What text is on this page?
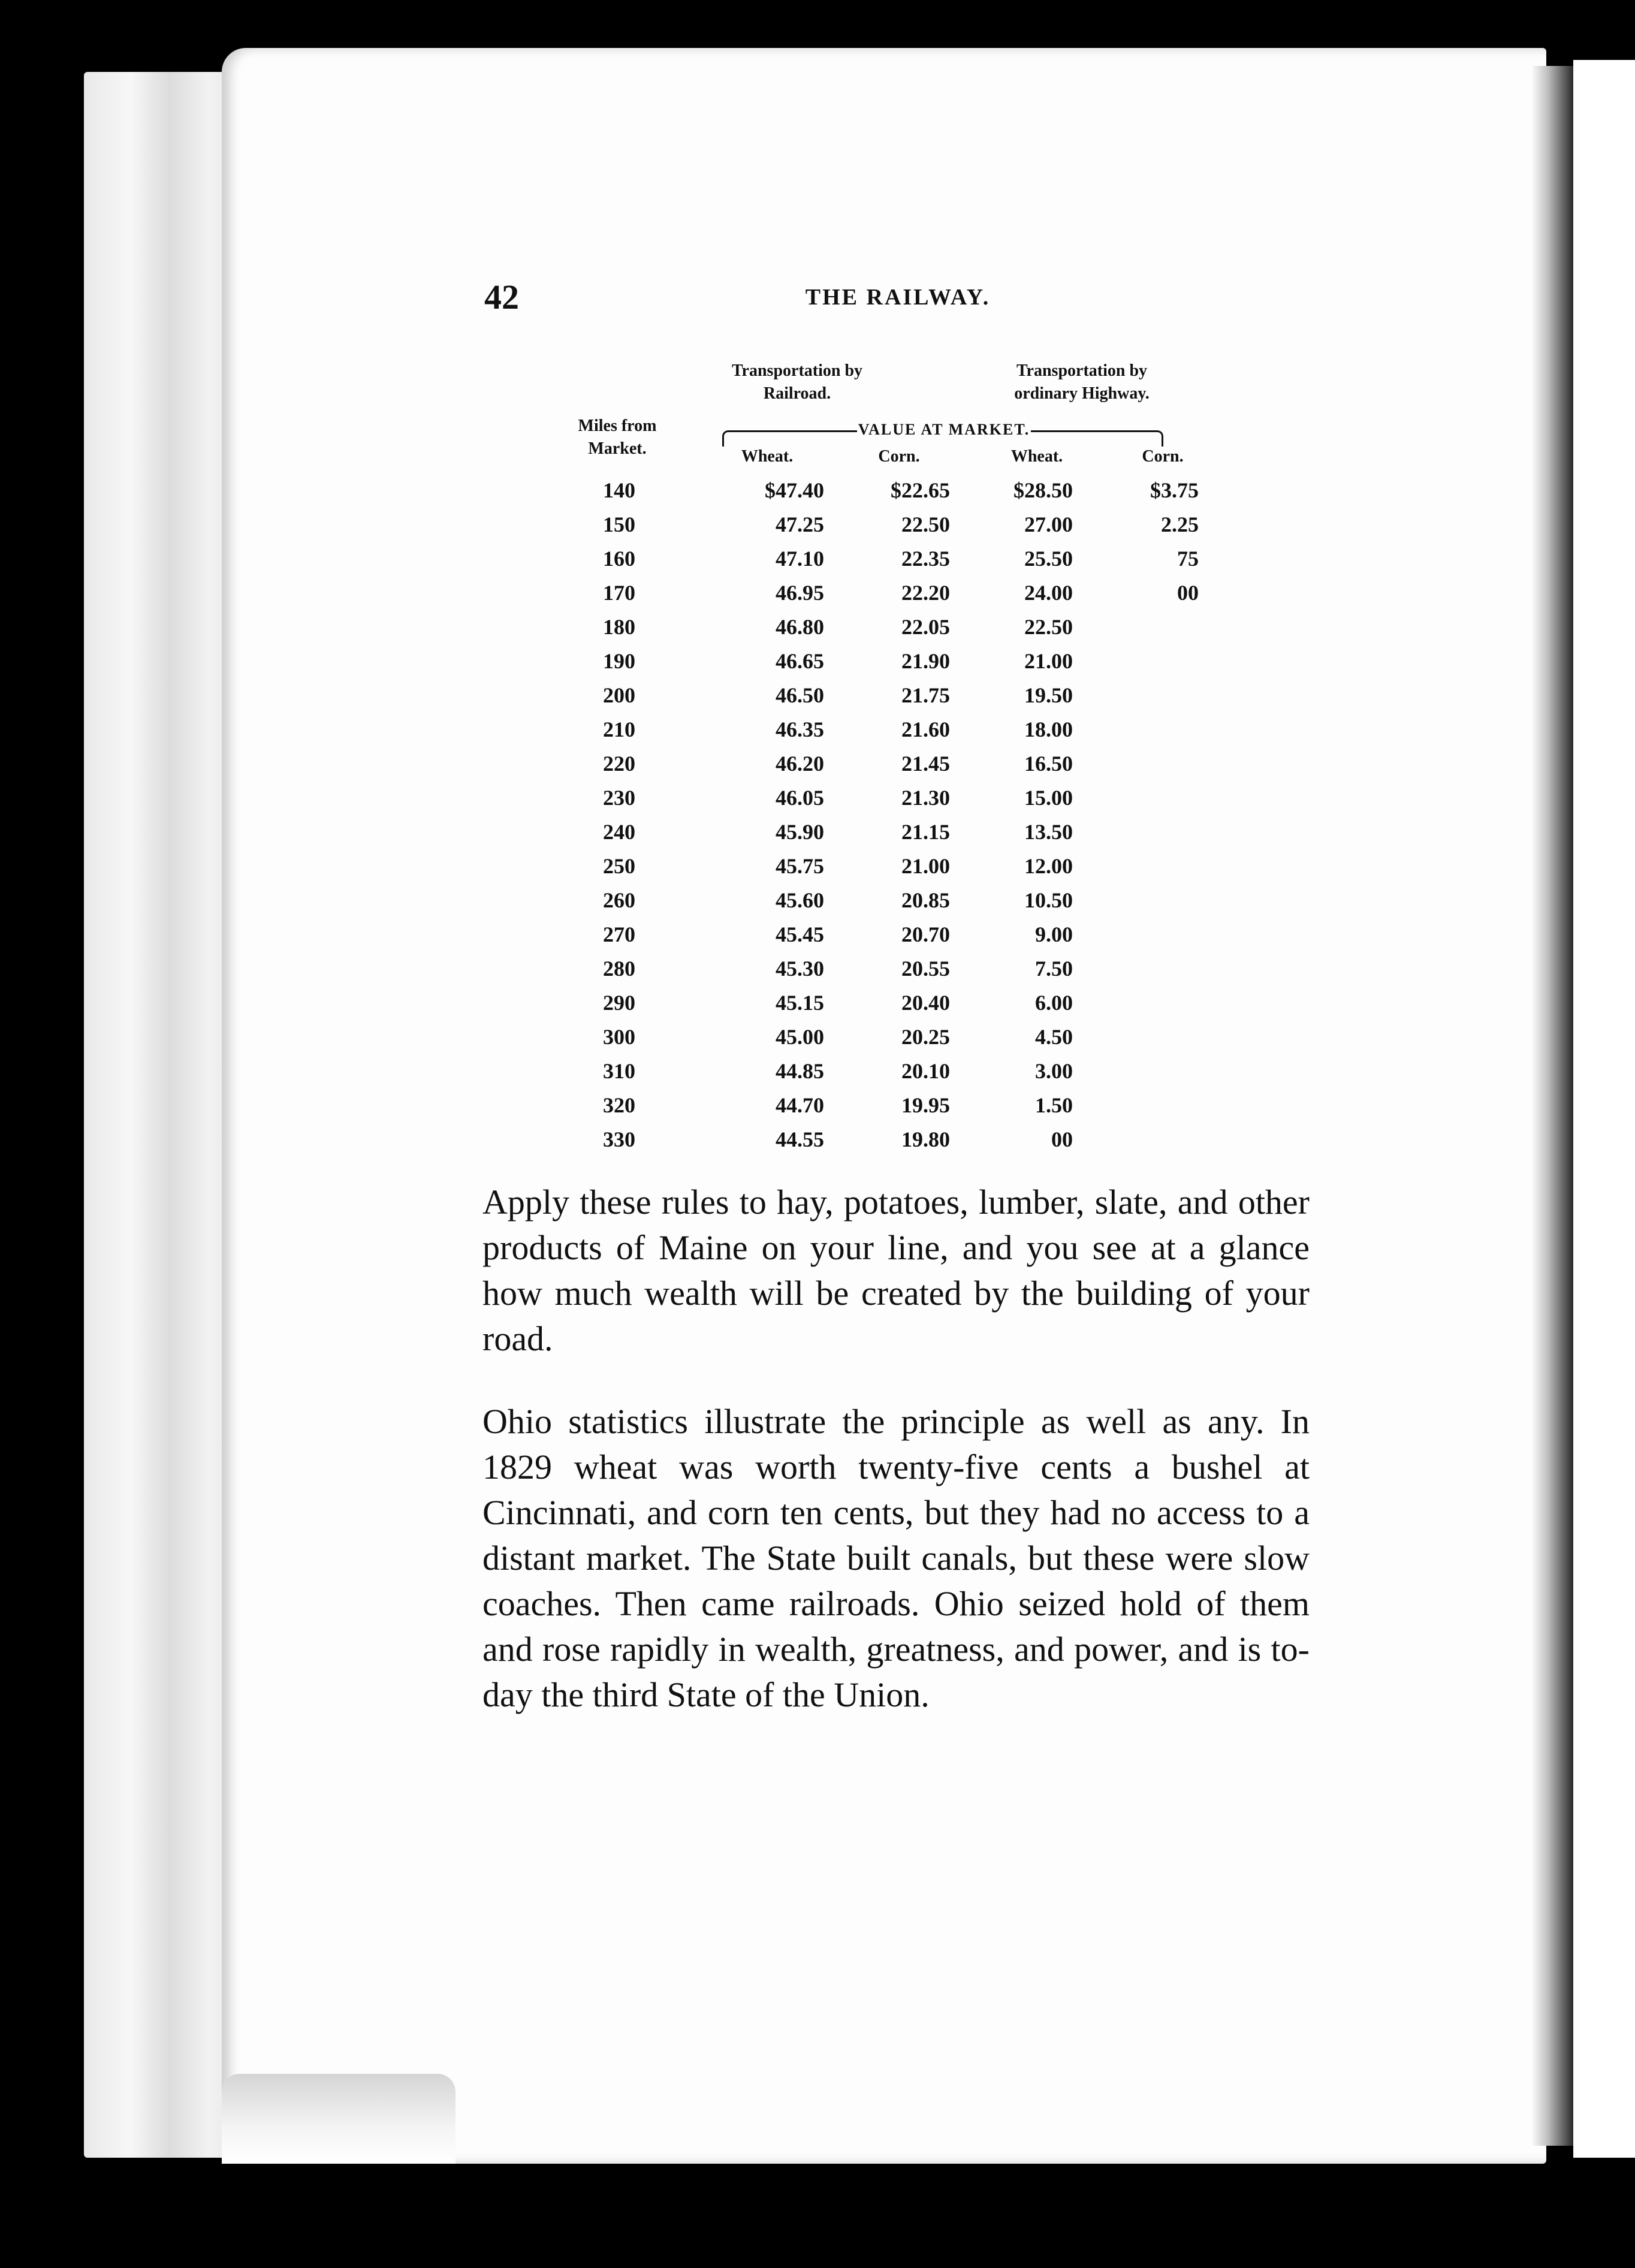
42	THE RAILWAY.
Transportation by Railroad.
Transportation by ordinary Highway.
Miles from Market.
VALUE AT MARKET.
Wheat.	Corn.	Wheat.	Corn.
140	$47.40	$22.65	$28.50	$3.75
150	47.25	22.50	27.00	2.25
160	47.10	22.35	25.50	75
170	46.95	22.20	24.00	00
180	46.80	22.05	22.50
190	46.65	21.90	21.00
200	46.50	21.75	19.50
210	46.35	21.60	18.00
220	46.20	21.45	16.50
230	46.05	21.30	15.00
240	45.90	21.15	13.50
250	45.75	21.00	12.00
260	45.60	20.85	10.50
270	45.45	20.70	9.00
280	45.30	20.55	7.50
290	45.15	20.40	6.00
300	45.00	20.25	4.50
310	44.85	20.10	3.00
320	44.70	19.95	1.50
330	44.55	19.80	00

Apply these rules to hay, potatoes, lumber, slate, and other products of Maine on your line, and you see at a glance how much wealth will be created by the building of your road.

Ohio statistics illustrate the principle as well as any. In 1829 wheat was worth twenty-five cents a bushel at Cincinnati, and corn ten cents, but they had no access to a distant market. The State built canals, but these were slow coaches. Then came railroads. Ohio seized hold of them and rose rapidly in wealth, greatness, and power, and is to-day the third State of the Union.
